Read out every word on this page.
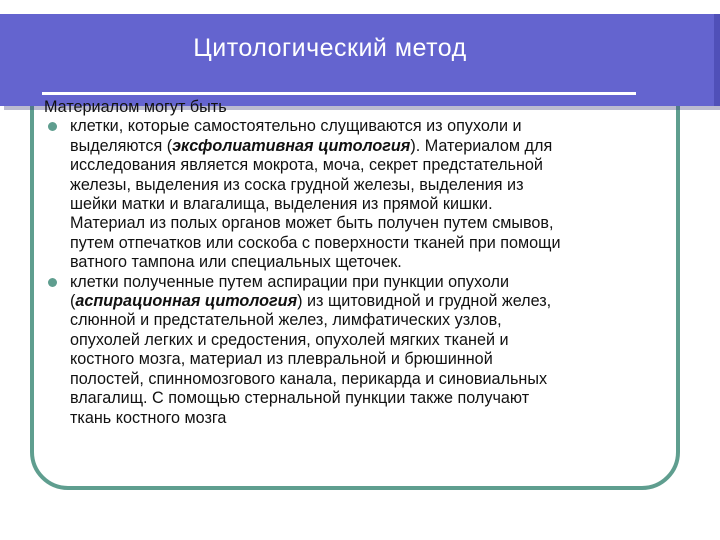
Цитологический метод

Материалом могут быть

клетки, которые самостоятельно слущиваются из опухоли и
выделяются (эксфолиативная цитология). Материалом для
исследования является мокрота, моча, секрет предстательной
железы, выделения из соска грудной железы, выделения из
шейки матки и влагалища, выделения из прямой кишки.
Материал из полых органов может быть получен путем смывов,
путем отпечатков или соскоба с поверхности тканей при помощи
ватного тампона или специальных щеточек.
клетки полученные путем аспирации при пункции опухоли
(аспирационная цитология) из щитовидной и грудной желез,
слюнной и предстательной желез, лимфатических узлов,
опухолей легких и средостения, опухолей мягких тканей и
костного мозга, материал из плевральной и брюшинной
полостей, спинномозгового канала, перикарда и синовиальных
влагалищ. С помощью стернальной пункции также получают
ткань костного мозга
